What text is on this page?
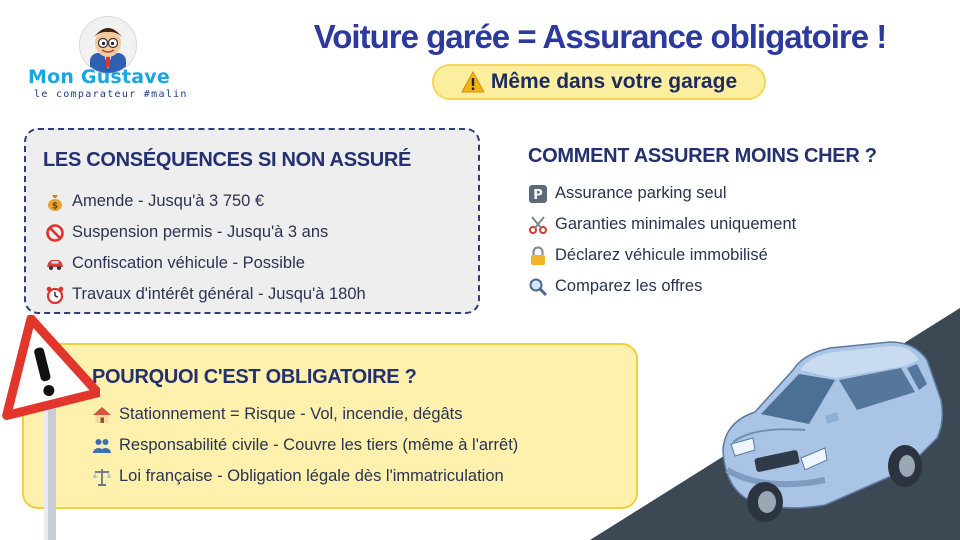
Mon Gustave
le comparateur #malin
Voiture garée = Assurance obligatoire !
Même dans votre garage
LES CONSÉQUENCES SI NON ASSURÉ
$ Amende - Jusqu'à 3 750 €
Suspension permis - Jusqu'à 3 ans
Confiscation véhicule - Possible
Travaux d'intérêt général - Jusqu'à 180h
COMMENT ASSURER MOINS CHER ?
P Assurance parking seul
Garanties minimales uniquement
Déclarez véhicule immobilisé
Comparez les offres
POURQUOI C'EST OBLIGATOIRE ?
Stationnement = Risque - Vol, incendie, dégâts
Responsabilité civile - Couvre les tiers (même à l'arrêt)
Loi française - Obligation légale dès l'immatriculation
